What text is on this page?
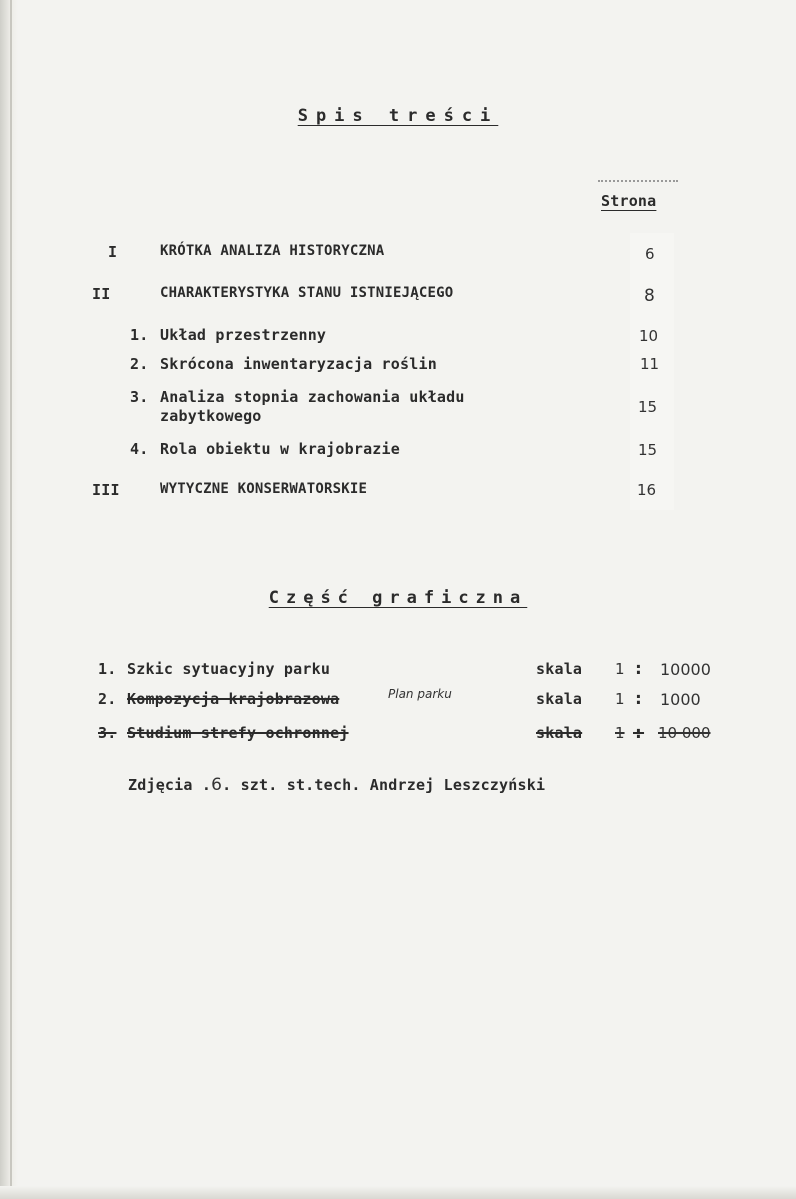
Spis treści
Strona
I	KRÓTKA ANALIZA HISTORYCZNA	6
II	CHARAKTERYSTYKA STANU ISTNIEJĄCEGO	8
1. Układ przestrzenny	10
2. Skrócona inwentaryzacja roślin	11
3. Analiza stopnia zachowania układu
zabytkowego	15
4. Rola obiektu w krajobrazie	15
III	WYTYCZNE KONSERWATORSKIE	16
Część graficzna
1. Szkic sytuacyjny parku	skala 1 : 10000
2. Kompozycja krajobrazowa	Plan parku	skala 1 : 1000
3. Studium strefy ochronnej	skala 1 : 10 000
Zdjęcia .6. szt. st.tech. Andrzej Leszczyński
